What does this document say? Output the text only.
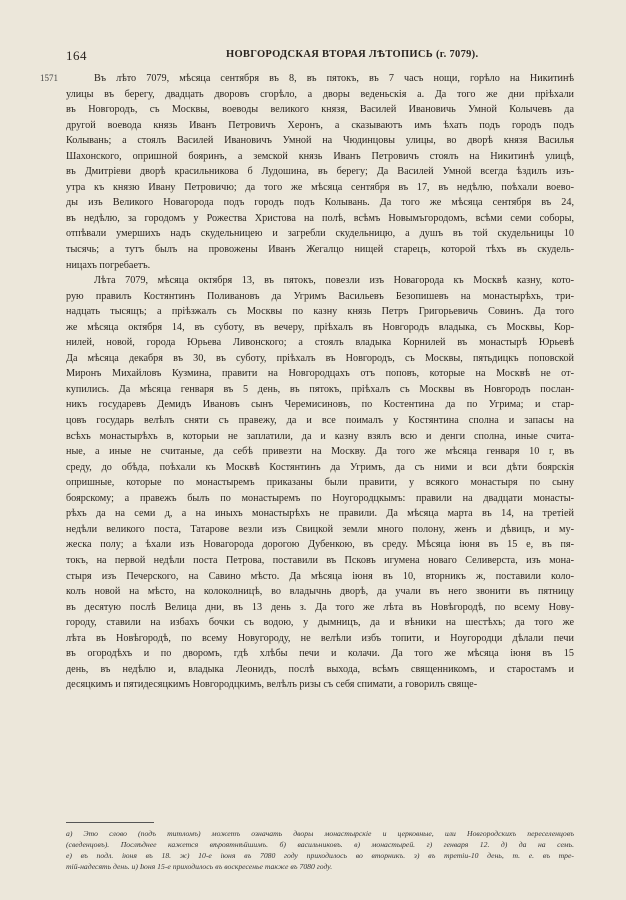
164	НОВГОРОДСКАЯ ВТОРАЯ ЛѢТОПИСЬ (г. 7079).
1571	Въ лѣто 7079, мѣсяца сентября въ 8, въ пятокъ, въ 7 часъ нощи, горѣло на Никитинѣ
улицы въ берегу, двадцать дворовъ сгорѣло, а дворы веденьскія а. Да того же дни пріѣхали
въ Новгородъ, съ Москвы, воеводы великого князя, Василей Ивановичь Умной Колычевъ да
другой воевода князь Иванъ Петровичъ Херонъ, а сказываютъ имъ ѣхать подъ городъ подъ
Колывань; а стоялъ Василей Ивановичъ Умной на Чюдинцовы улицы, во дворѣ князя Василья
Шахонского, опришной бояринъ, а земской князь Иванъ Петровичъ стоялъ на Никитинѣ улицѣ,
въ Дмитріеви дворѣ красильникова б Лудошина, въ берегу; Да Василей Умной всегда ѣздилъ изъ-
утра къ князю Ивану Петровичю; да того же мѣсяца сентября въ 17, въ недѣлю, поѣхали воево-
ды изъ Великого Новагорода подъ городъ подъ Колывань. Да того же мѣсяца сентября въ 24,
въ недѣлю, за городомъ у Рожества Христова на полѣ, всѣмъ Новымъгородомъ, всѣми семи соборы,
отпѣвали умершихъ надъ скудельницею и загребли скудельницю, а душъ въ той скудельницы 10
тысячь; а тутъ былъ на провожены Иванъ Жегалцо нищей старецъ, которой тѣхъ въ скудель-
ницахъ погребаетъ.
Лѣта 7079, мѣсяца октября 13, въ пятокъ, повезли изъ Новагорода къ Москвѣ казну, кото-
рую правилъ Костянтинъ Поливановъ да Угримъ Васильевъ Безопишевъ на монастырѣхъ, три-
надцать тысящъ; а пріѣзжалъ съ Москвы по казну князь Петръ Григорьевичь Совинъ. Да того
же мѣсяца октября 14, въ суботу, въ вечеру, пріѣхалъ въ Новгородъ владыка, съ Москвы, Кор-
нилей, новой, города Юрьева Ливонского; а стоялъ владыка Корнилей въ монастырѣ Юрьевѣ
Да мѣсяца декабря въ 30, въ суботу, пріѣхалъ въ Новгородъ, съ Москвы, пятьдицкъ поповской
Миронъ Михайловъ Кузмина, правити на Новгородцахъ отъ поповъ, которые на Москвѣ не от-
купились. Да мѣсяца генваря въ 5 день, въ пятокъ, пріѣхалъ съ Москвы въ Новгородъ послан-
никъ государевъ Демидъ Ивановъ сынъ Черемисиновъ, по Костентина да по Угрима; и стар-
цовъ государь велѣлъ сняти съ правежу, да и все поималъ у Костянтина сполна и запасы на
всѣхъ монастырѣхъ в, которыи не заплатили, да и казну взялъ всю и денги сполна, иные счита-
ные, а иные не считаные, да себѣ привезти на Москву. Да того же мѣсяца генваря 10 г, въ
среду, до обѣда, поѣхали къ Москвѣ Костянтинъ да Угримъ, да съ ними и вси дѣти боярскія
опришные, которые по монастыремъ приказаны были правити, у всякого монастыря по сыну
боярскому; а правежъ былъ по монастыремъ по Ноугородцкымъ: правили на двадцати монасты-
рѣхъ да на семи д, а на иныхъ монастырѣхъ не правили. Да мѣсяца марта въ 14, на третiей
недѣли великого поста, Татарове везли изъ Свицкой земли много полону, женъ и дѣвицъ, и му-
жеска полу; а ѣхали изъ Новагорода дорогою Дубенкою, въ среду. Мѣсяца іюня въ 15 е, въ пя-
токъ, на первой недѣли поста Петрова, поставили въ Псковъ игумена новаго Селиверста, изъ мона-
стыря изъ Печерского, на Савино мѣсто. Да мѣсяца іюня въ 10, вторникъ ж, поставили коло-
колъ новой на мѣсто, на колоколницѣ, во владычнь дворѣ, да учали въ него звонити въ пятницу
въ десятую послѣ Велица дни, въ 13 день з. Да того же лѣта въ Новѣгородѣ, по всему Нову-
городу, ставили на избахъ бочки съ водою, у дымницъ, да и вѣники на шестѣхъ; да того же
лѣта въ Новѣгородѣ, по всему Новугороду, не велѣли избъ топити, и Ноугородци дѣлали печи
въ огородѣхъ и по дворомъ, гдѣ хлѣбы печи и колачи. Да того же мѣсяца іюня въ 15
день, въ недѣлю и, владыка Леонидъ, послѣ выхода, всѣмъ священникомъ, и старостамъ и
десяцкимъ и пятидесяцкимъ Новгородцкимъ, велѣлъ ризы съ себя спимати, а говорилъ свяще-
а) Это слово (подъ титломъ) можетъ означать дворы монастырскіе и церковные, или Новгородскихъ переселенцовъ
(сведенцовъ). Послѣднее кажется вѣроятнѣйшимъ. б) васильниковъ. в) монастырей. г) генваря 12. д) да на семь.
е) въ подл. іюня въ 18. ж) 10-е іюня въ 7080 году приходилось во вторникъ. з) въ третiи-10 день, т. е. въ тре-
тiй-надесять день. и) Іюня 15-е приходилось въ воскресенье также въ 7080 году.
